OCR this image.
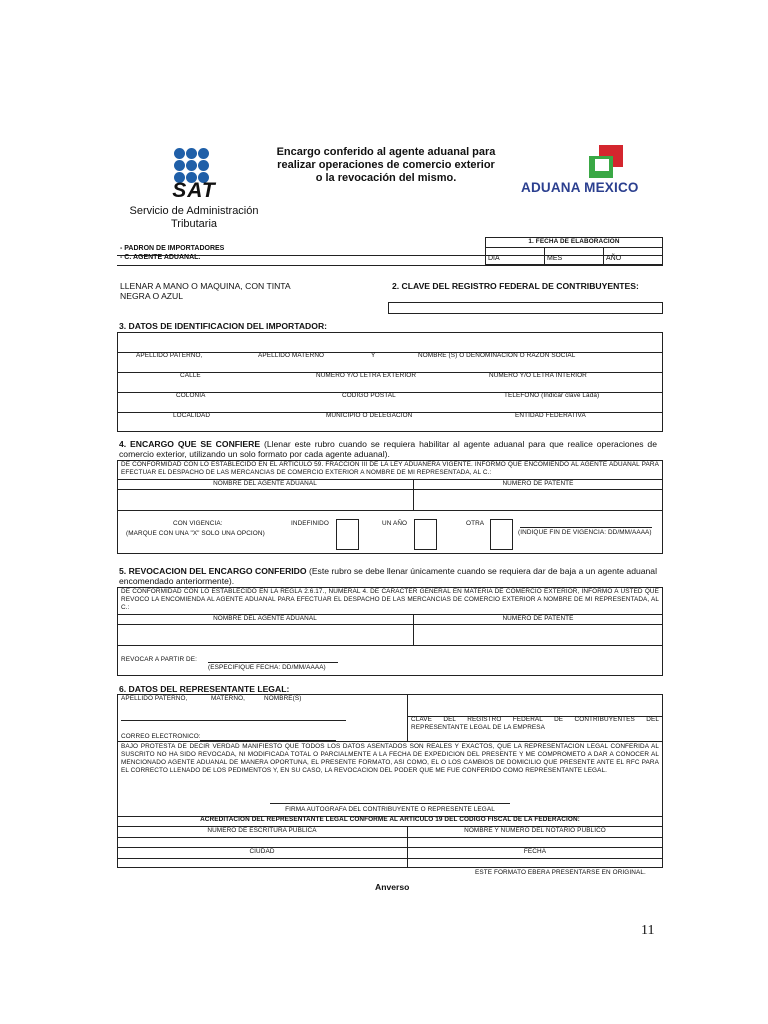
SAT
Servicio de Administración
Tributaria
Encargo conferido al agente aduanal para
realizar operaciones de comercio exterior
o la revocación del mismo.
ADUANA MEXICO
- PADRON DE IMPORTADORES
- C. AGENTE ADUANAL.
1. FECHA DE ELABORACION
DIA	MES	AÑO
LLENAR A MANO O MAQUINA, CON TINTA
NEGRA O AZUL
2. CLAVE DEL REGISTRO FEDERAL DE CONTRIBUYENTES:
3. DATOS DE IDENTIFICACION DEL IMPORTADOR:
APELLIDO PATERNO,	APELLIDO MATERNO	Y	NOMBRE (S) O DENOMINACION O RAZON SOCIAL
CALLE	NUMERO Y/O LETRA EXTERIOR	NUMERO Y/O LETRA INTERIOR
COLONIA	CODIGO POSTAL	TELEFONO (Indicar clave Lada)
LOCALIDAD	MUNICIPIO O DELEGACION	ENTIDAD FEDERATIVA
4. ENCARGO QUE SE CONFIERE (Llenar este rubro cuando se requiera habilitar al agente aduanal para que realice operaciones de comercio exterior, utilizando un solo formato por cada agente aduanal).
DE CONFORMIDAD CON LO ESTABLECIDO EN EL ARTICULO 59. FRACCION III DE LA LEY ADUANERA VIGENTE. INFORMO QUE ENCOMIENDO AL AGENTE ADUANAL PARA EFECTUAR EL DESPACHO DE LAS MERCANCIAS DE COMERCIO EXTERIOR A NOMBRE DE MI REPRESENTADA, AL C.:
NOMBRE DEL AGENTE ADUANAL	NUMERO DE PATENTE
CON VIGENCIA:
(MARQUE CON UNA "X" SOLO UNA OPCION)
INDEFINIDO	UN AÑO	OTRA
(INDIQUE FIN DE VIGENCIA: DD/MM/AAAA)
5. REVOCACION DEL ENCARGO CONFERIDO (Este rubro se debe llenar únicamente cuando se requiera dar de baja a un agente aduanal encomendado anteriormente).
DE CONFORMIDAD CON LO ESTABLECIDO EN LA REGLA 2.6.17., NUMERAL 4. DE CARACTER GENERAL EN MATERIA DE COMERCIO EXTERIOR, INFORMO A USTED QUE REVOCO LA ENCOMIENDA AL AGENTE ADUANAL PARA EFECTUAR EL DESPACHO DE LAS MERCANCIAS DE COMERCIO EXTERIOR A NOMBRE DE MI REPRESENTADA, AL C.:
NOMBRE DEL AGENTE ADUANAL	NUMERO DE PATENTE
REVOCAR A PARTIR DE:
(ESPECIFIQUE FECHA: DD/MM/AAAA)
6. DATOS DEL REPRESENTANTE LEGAL:
APELLIDO PATERNO,	MATERNO,	NOMBRE(S)
CLAVE DEL REGISTRO FEDERAL DE CONTRIBUYENTES DEL REPRESENTANTE LEGAL DE LA EMPRESA
CORREO ELECTRONICO:
BAJO PROTESTA DE DECIR VERDAD MANIFIESTO QUE TODOS LOS DATOS ASENTADOS SON REALES Y EXACTOS, QUE LA REPRESENTACION LEGAL CONFERIDA AL SUSCRITO NO HA SIDO REVOCADA, NI MODIFICADA TOTAL O PARCIALMENTE A LA FECHA DE EXPEDICION DEL PRESENTE Y ME COMPROMETO A DAR A CONOCER AL MENCIONADO AGENTE ADUANAL DE MANERA OPORTUNA, EL PRESENTE FORMATO, ASI COMO, EL O LOS CAMBIOS DE DOMICILIO QUE PRESENTE ANTE EL RFC PARA EL CORRECTO LLENADO DE LOS PEDIMENTOS Y, EN SU CASO, LA REVOCACION DEL PODER QUE ME FUE CONFERIDO COMO REPRESENTANTE LEGAL.
FIRMA AUTOGRAFA DEL CONTRIBUYENTE O REPRESENTE LEGAL
ACREDITACION DEL REPRESENTANTE LEGAL CONFORME AL ARTICULO 19 DEL CODIGO FISCAL DE LA FEDERACION:
NUMERO DE ESCRITURA PUBLICA	NOMBRE Y NUMERO DEL NOTARIO PUBLICO
CIUDAD	FECHA
ESTE FORMATO EBERA PRESENTARSE EN ORIGINAL.
Anverso
11
